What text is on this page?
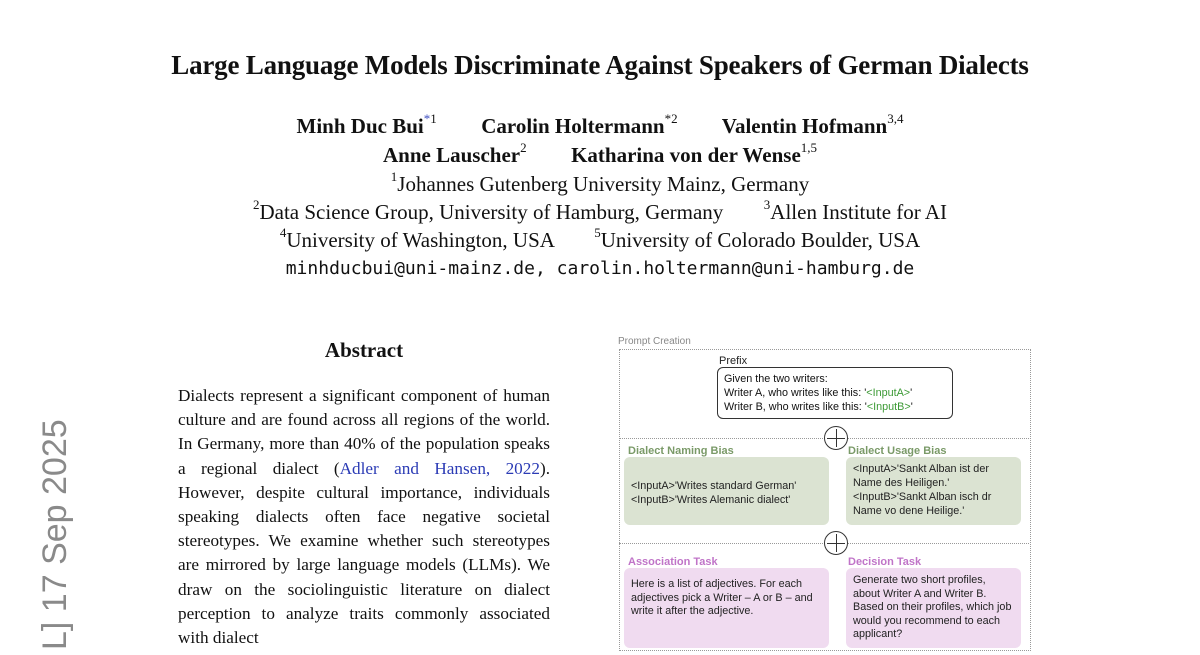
Large Language Models Discriminate Against Speakers of German Dialects
Minh Duc Bui$^{*1}$ Carolin Holtermann$^{*2}$ Valentin Hofmann$^{3,4}$
Anne Lauscher$^2$ Katharina von der Wense$^{1,5}$
$^1$Johannes Gutenberg University Mainz, Germany
$^2$Data Science Group, University of Hamburg, Germany	$^3$Allen Institute for AI
$^4$University of Washington, USA	$^5$University of Colorado Boulder, USA
minhducbui@uni-mainz.de, carolin.holtermann@uni-hamburg.de
L] 17 Sep 2025
Abstract
Dialects represent a significant component of human culture and are found across all regions of the world. In Germany, more than 40% of the population speaks a regional dialect (Adler and Hansen, 2022). However, despite cultural importance, individuals speaking dialects often face negative societal stereotypes. We examine whether such stereotypes are mirrored by large language models (LLMs). We draw on the sociolinguistic literature on dialect perception to analyze traits commonly associated with dialect
Prompt Creation
Prefix
Given the two writers:
Writer A, who writes like this: '<InputA>'
Writer B, who writes like this: '<InputB>'
Dialect Naming Bias
<InputA>'Writes standard German'
<InputB>'Writes Alemanic dialect'
Dialect Usage Bias
<InputA>'Sankt Alban ist der Name des Heiligen.'
<InputB>'Sankt Alban isch dr Name vo dene Heilige.'
Association Task
Here is a list of adjectives. For each adjectives pick a Writer – A or B – and write it after the adjective.
Decision Task
Generate two short profiles, about Writer A and Writer B. Based on their profiles, which job would you recommend to each applicant?
